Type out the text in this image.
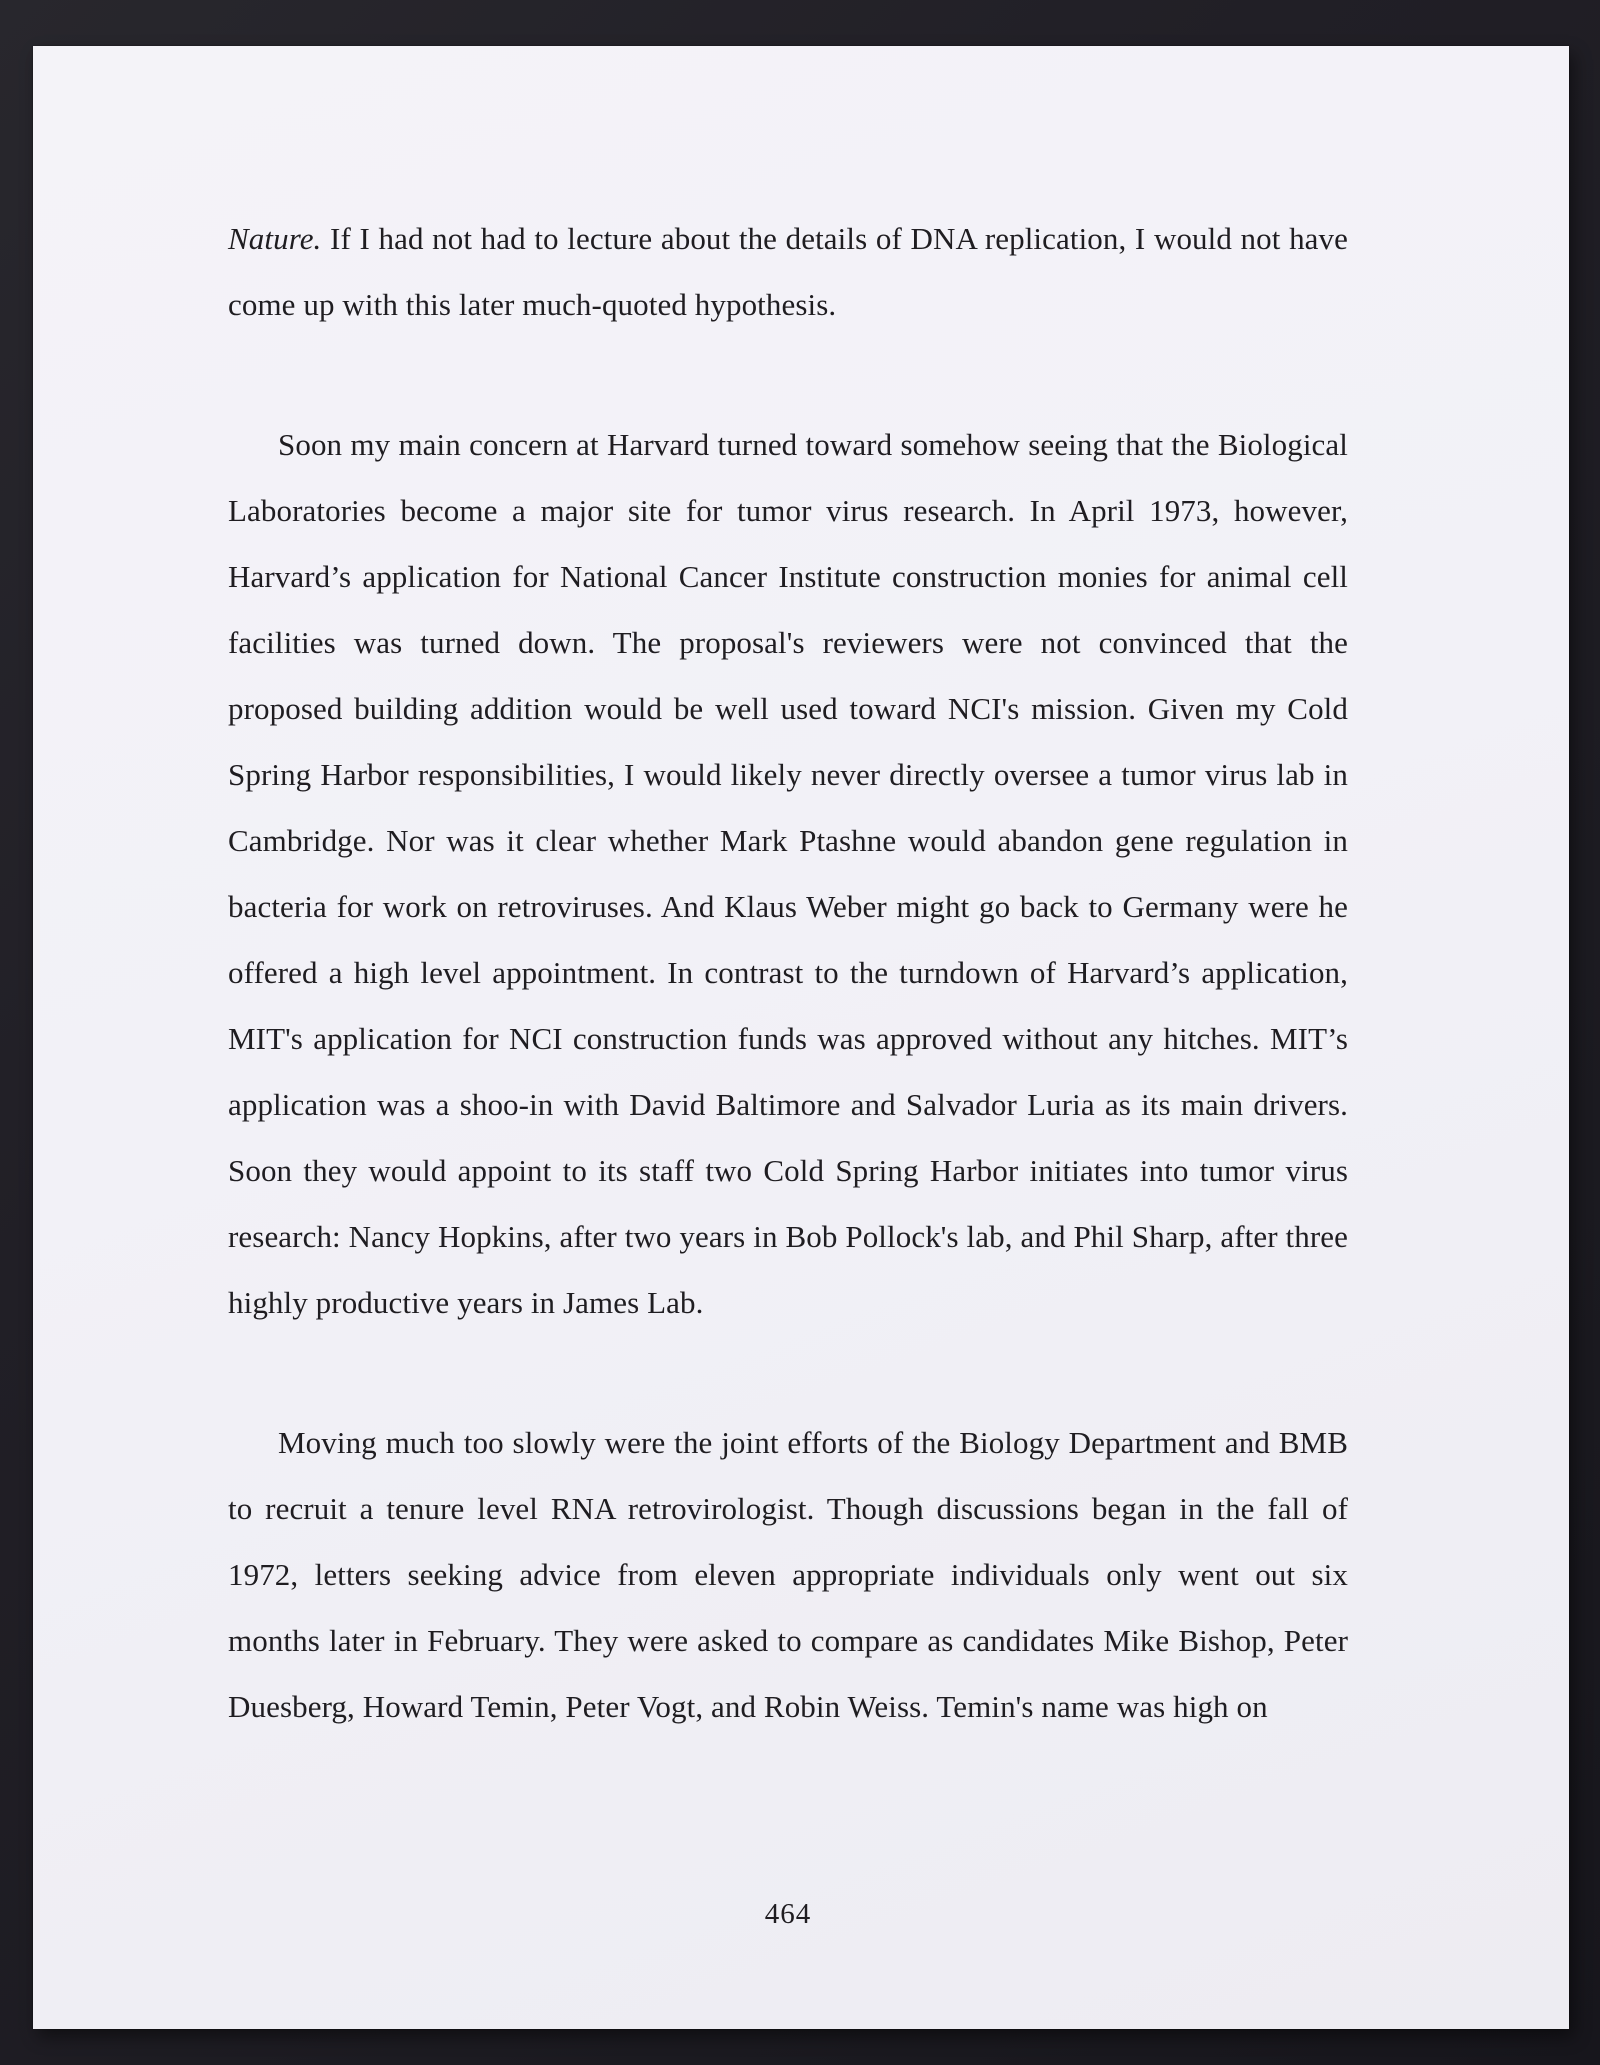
Nature. If I had not had to lecture about the details of DNA replication, I would not have come up with this later much-quoted hypothesis.

Soon my main concern at Harvard turned toward somehow seeing that the Biological Laboratories become a major site for tumor virus research. In April 1973, however, Harvard’s application for National Cancer Institute construction monies for animal cell facilities was turned down. The proposal's reviewers were not convinced that the proposed building addition would be well used toward NCI's mission. Given my Cold Spring Harbor responsibilities, I would likely never directly oversee a tumor virus lab in Cambridge. Nor was it clear whether Mark Ptashne would abandon gene regulation in bacteria for work on retroviruses. And Klaus Weber might go back to Germany were he offered a high level appointment. In contrast to the turndown of Harvard’s application, MIT's application for NCI construction funds was approved without any hitches. MIT’s application was a shoo-in with David Baltimore and Salvador Luria as its main drivers. Soon they would appoint to its staff two Cold Spring Harbor initiates into tumor virus research: Nancy Hopkins, after two years in Bob Pollock's lab, and Phil Sharp, after three highly productive years in James Lab.

Moving much too slowly were the joint efforts of the Biology Department and BMB to recruit a tenure level RNA retrovirologist. Though discussions began in the fall of 1972, letters seeking advice from eleven appropriate individuals only went out six months later in February. They were asked to compare as candidates Mike Bishop, Peter Duesberg, Howard Temin, Peter Vogt, and Robin Weiss. Temin's name was high on

464
